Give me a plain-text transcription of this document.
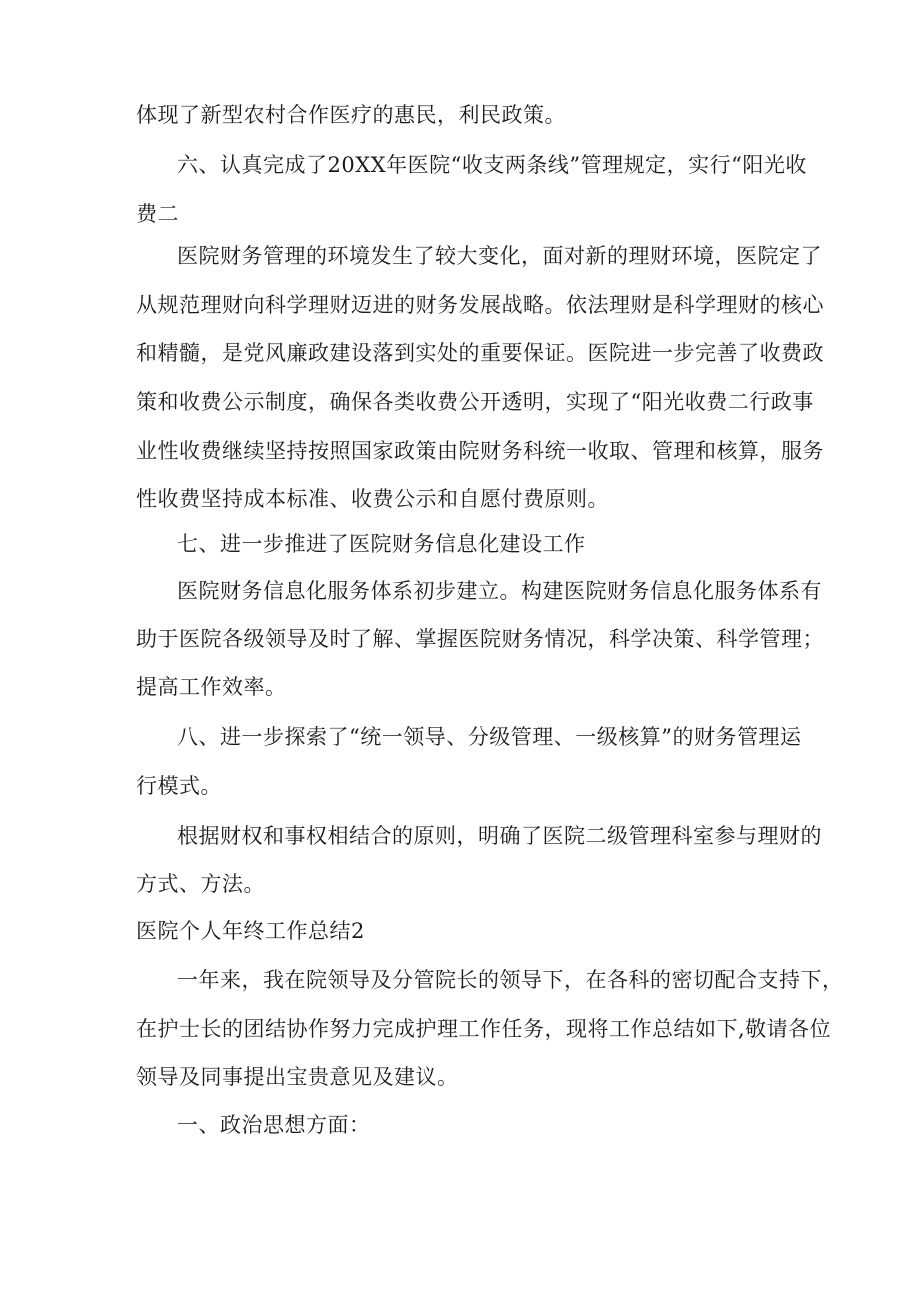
体现了新型农村合作医疗的惠民，利民政策。
六、认真完成了20XX年医院“收支两条线”管理规定，实行“阳光收
费二
医院财务管理的环境发生了较大变化，面对新的理财环境，医院定了
从规范理财向科学理财迈进的财务发展战略。依法理财是科学理财的核心
和精髓，是党风廉政建设落到实处的重要保证。医院进一步完善了收费政
策和收费公示制度，确保各类收费公开透明，实现了“阳光收费二行政事
业性收费继续坚持按照国家政策由院财务科统一收取、管理和核算，服务
性收费坚持成本标准、收费公示和自愿付费原则。
七、进一步推进了医院财务信息化建设工作
医院财务信息化服务体系初步建立。构建医院财务信息化服务体系有
助于医院各级领导及时了解、掌握医院财务情况，科学决策、科学管理；
提高工作效率。
八、进一步探索了“统一领导、分级管理、一级核算”的财务管理运
行模式。
根据财权和事权相结合的原则，明确了医院二级管理科室参与理财的
方式、方法。
医院个人年终工作总结2
一年来，我在院领导及分管院长的领导下，在各科的密切配合支持下，
在护士长的团结协作努力完成护理工作任务，现将工作总结如下,敬请各位
领导及同事提出宝贵意见及建议。
一、政治思想方面：
